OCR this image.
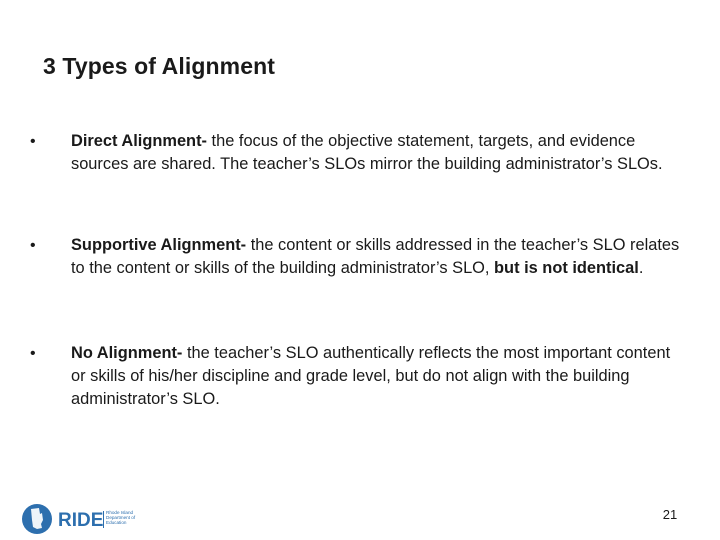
3 Types of Alignment
•	Direct Alignment- the focus of the objective statement, targets, and evidence sources are shared. The teacher’s SLOs mirror the building administrator’s SLOs.
•	Supportive Alignment- the content or skills addressed in the teacher’s SLO relates to the content or skills of the building administrator’s SLO, but is not identical.
•	No Alignment- the teacher’s SLO authentically reflects the most important content or skills of his/her discipline and grade level, but do not align with the building administrator’s SLO.
RIDE Rhode Island Department of Education
21
